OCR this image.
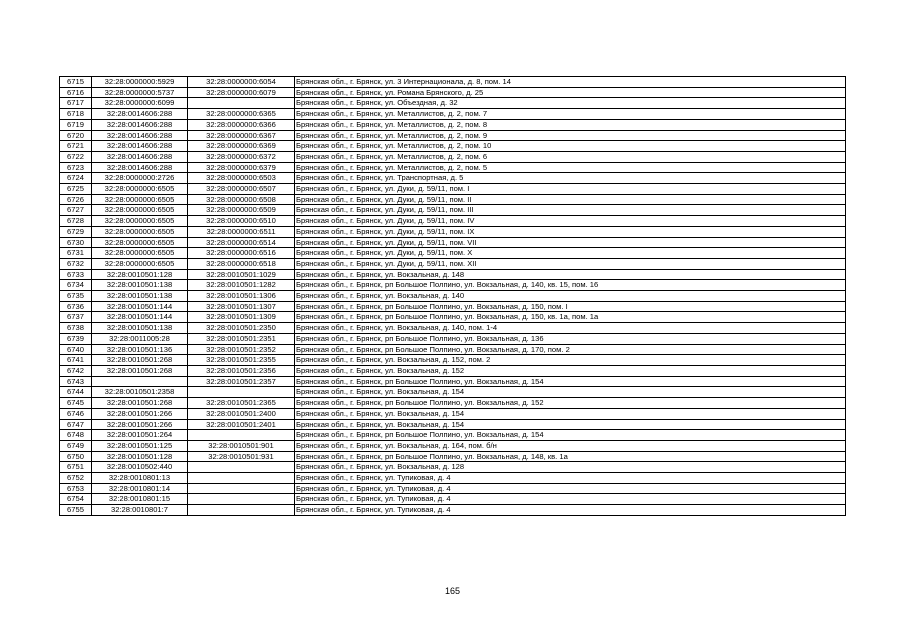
6715	32:28:0000000:5929	32:28:0000000:6054	Брянская обл., г. Брянск, ул. 3 Интернационала, д. 8, пом. 14
6716	32:28:0000000:5737	32:28:0000000:6079	Брянская обл., г. Брянск, ул. Романа Брянского, д. 25
6717	32:28:0000000:6099		Брянская обл., г. Брянск, ул. Объездная, д. 32
6718	32:28:0014606:288	32:28:0000000:6365	Брянская обл., г. Брянск, ул. Металлистов, д. 2, пом. 7
6719	32:28:0014606:288	32:28:0000000:6366	Брянская обл., г. Брянск, ул. Металлистов, д. 2, пом. 8
6720	32:28:0014606:288	32:28:0000000:6367	Брянская обл., г. Брянск, ул. Металлистов, д. 2, пом. 9
6721	32:28:0014606:288	32:28:0000000:6369	Брянская обл., г. Брянск, ул. Металлистов, д. 2, пом. 10
6722	32:28:0014606:288	32:28:0000000:6372	Брянская обл., г. Брянск, ул. Металлистов, д. 2, пом. 6
6723	32:28:0014606:288	32:28:0000000:6379	Брянская обл., г. Брянск, ул. Металлистов, д. 2, пом. 5
6724	32:28:0000000:2726	32:28:0000000:6503	Брянская обл., г. Брянск, ул. Транспортная, д. 5
6725	32:28:0000000:6505	32:28:0000000:6507	Брянская обл., г. Брянск, ул. Дуки, д. 59/11, пом. I
6726	32:28:0000000:6505	32:28:0000000:6508	Брянская обл., г. Брянск, ул. Дуки, д. 59/11, пом. II
6727	32:28:0000000:6505	32:28:0000000:6509	Брянская обл., г. Брянск, ул. Дуки, д. 59/11, пом. III
6728	32:28:0000000:6505	32:28:0000000:6510	Брянская обл., г. Брянск, ул. Дуки, д. 59/11, пом. IV
6729	32:28:0000000:6505	32:28:0000000:6511	Брянская обл., г. Брянск, ул. Дуки, д. 59/11, пом. IX
6730	32:28:0000000:6505	32:28:0000000:6514	Брянская обл., г. Брянск, ул. Дуки, д. 59/11, пом. VII
6731	32:28:0000000:6505	32:28:0000000:6516	Брянская обл., г. Брянск, ул. Дуки, д. 59/11, пом. X
6732	32:28:0000000:6505	32:28:0000000:6518	Брянская обл., г. Брянск, ул. Дуки, д. 59/11, пом. XII
6733	32:28:0010501:128	32:28:0010501:1029	Брянская обл., г. Брянск, ул. Вокзальная, д. 148
6734	32:28:0010501:138	32:28:0010501:1282	Брянская обл., г. Брянск, рп Большое Полпино, ул. Вокзальная, д. 140, кв. 15, пом. 16
6735	32:28:0010501:138	32:28:0010501:1306	Брянская обл., г. Брянск, ул. Вокзальная, д. 140
6736	32:28:0010501:144	32:28:0010501:1307	Брянская обл., г. Брянск, рп Большое Полпино, ул. Вокзальная, д. 150, пом. I
6737	32:28:0010501:144	32:28:0010501:1309	Брянская обл., г. Брянск, рп Большое Полпино, ул. Вокзальная, д. 150, кв. 1а, пом. 1а
6738	32:28:0010501:138	32:28:0010501:2350	Брянская обл., г. Брянск, ул. Вокзальная, д. 140, пом. 1-4
6739	32:28:0011005:28	32:28:0010501:2351	Брянская обл., г. Брянск, рп Большое Полпино, ул. Вокзальная, д. 136
6740	32:28:0010501:136	32:28:0010501:2352	Брянская обл., г. Брянск, рп Большое Полпино, ул. Вокзальная, д. 170, пом. 2
6741	32:28:0010501:268	32:28:0010501:2355	Брянская обл., г. Брянск, ул. Вокзальная, д. 152, пом. 2
6742	32:28:0010501:268	32:28:0010501:2356	Брянская обл., г. Брянск, ул. Вокзальная, д. 152
6743		32:28:0010501:2357	Брянская обл., г. Брянск, рп Большое Полпино, ул. Вокзальная, д. 154
6744	32:28:0010501:2358		Брянская обл., г. Брянск, ул. Вокзальная, д. 154
6745	32:28:0010501:268	32:28:0010501:2365	Брянская обл., г. Брянск, рп Большое Полпино, ул. Вокзальная, д. 152
6746	32:28:0010501:266	32:28:0010501:2400	Брянская обл., г. Брянск, ул. Вокзальная, д. 154
6747	32:28:0010501:266	32:28:0010501:2401	Брянская обл., г. Брянск, ул. Вокзальная, д. 154
6748	32:28:0010501:264		Брянская обл., г. Брянск, рп Большое Полпино, ул. Вокзальная, д. 154
6749	32:28:0010501:125	32:28:0010501:901	Брянская обл., г. Брянск, ул. Вокзальная, д. 164, пом. б/н
6750	32:28:0010501:128	32:28:0010501:931	Брянская обл., г. Брянск, рп Большое Полпино, ул. Вокзальная, д. 148, кв. 1а
6751	32:28:0010502:440		Брянская обл., г. Брянск, ул. Вокзальная, д. 128
6752	32:28:0010801:13		Брянская обл., г. Брянск, ул. Тупиковая, д. 4
6753	32:28:0010801:14		Брянская обл., г. Брянск, ул. Тупиковая, д. 4
6754	32:28:0010801:15		Брянская обл., г. Брянск, ул. Тупиковая, д. 4
6755	32:28:0010801:7		Брянская обл., г. Брянск, ул. Тупиковая, д. 4
165
